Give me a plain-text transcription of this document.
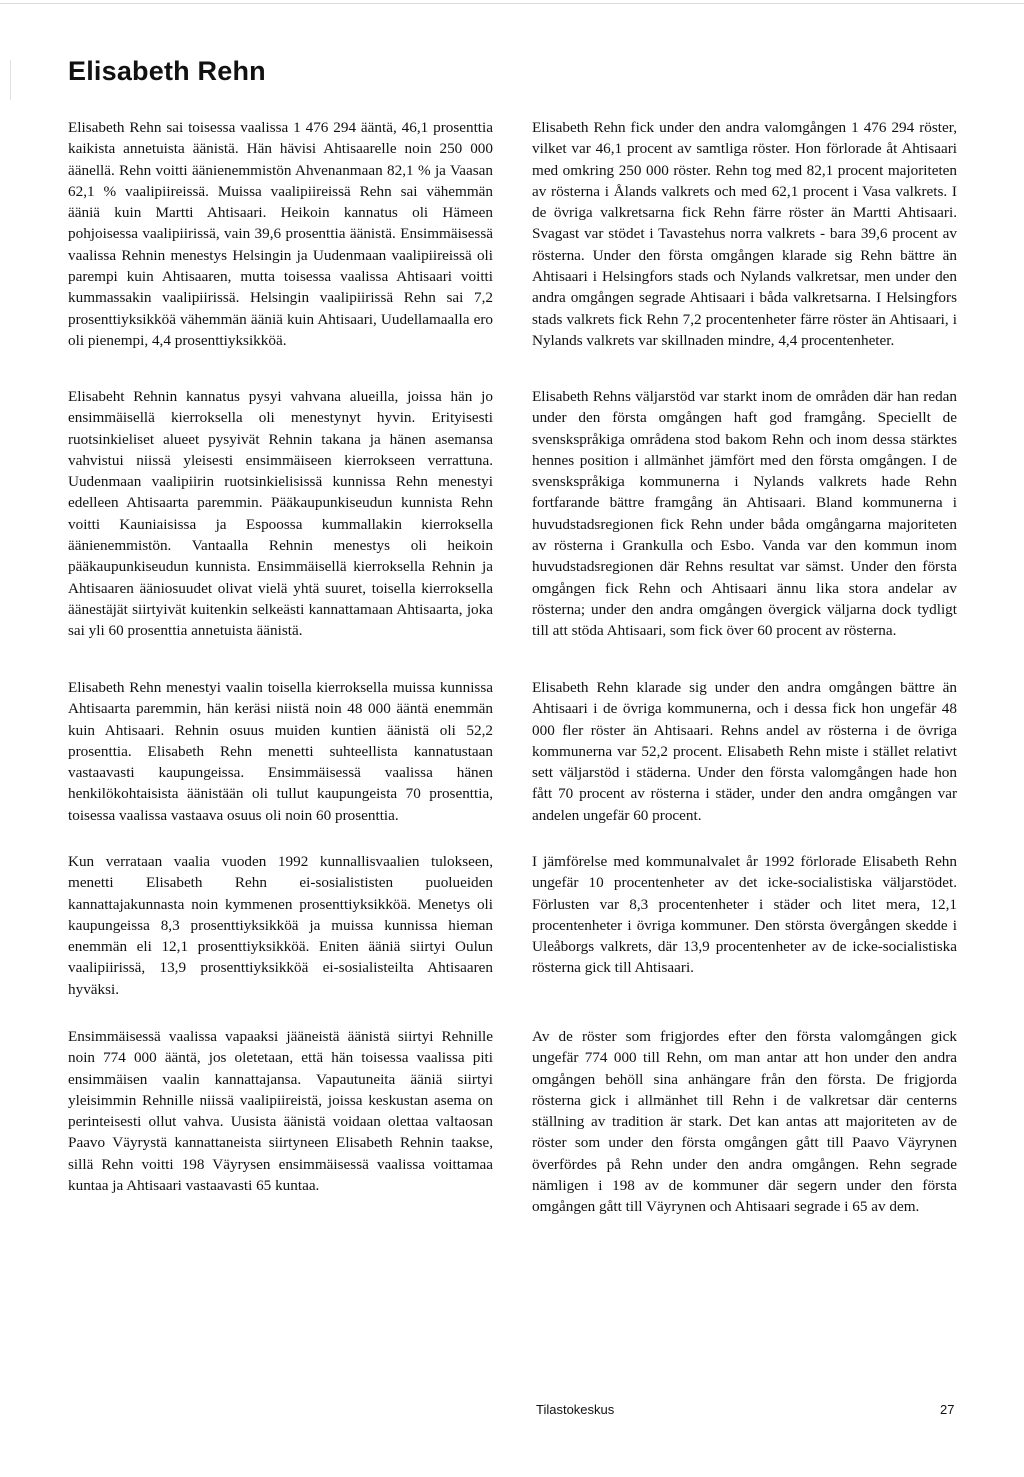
Elisabeth Rehn

Elisabeth Rehn sai toisessa vaalissa 1 476 294 ääntä, 46,1 prosenttia kaikista annetuista äänistä. Hän hävisi Ahtisaarelle noin 250 000 äänellä. Rehn voitti äänienemmistön Ahvenanmaan 82,1 % ja Vaasan 62,1 % vaalipiireissä. Muissa vaalipiireissä Rehn sai vähemmän ääniä kuin Martti Ahtisaari. Heikoin kannatus oli Hämeen pohjoisessa vaalipiirissä, vain 39,6 prosenttia äänistä. Ensimmäisessä vaalissa Rehnin menestys Helsingin ja Uudenmaan vaalipiireissä oli parempi kuin Ahtisaaren, mutta toisessa vaalissa Ahtisaari voitti kummassakin vaalipiirissä. Helsingin vaalipiirissä Rehn sai 7,2 prosenttiyksikköä vähemmän ääniä kuin Ahtisaari, Uudellamaalla ero oli pienempi, 4,4 prosenttiyksikköä.

Elisabeht Rehnin kannatus pysyi vahvana alueilla, joissa hän jo ensimmäisellä kierroksella oli menestynyt hyvin. Erityisesti ruotsinkieliset alueet pysyivät Rehnin takana ja hänen asemansa vahvistui niissä yleisesti ensimmäiseen kierrokseen verrattuna. Uudenmaan vaalipiirin ruotsinkielisissä kunnissa Rehn menestyi edelleen Ahtisaarta paremmin. Pääkaupunkiseudun kunnista Rehn voitti Kauniaisissa ja Espoossa kummallakin kierroksella äänienemmistön. Vantaalla Rehnin menestys oli heikoin pääkaupunkiseudun kunnista. Ensimmäisellä kierroksella Rehnin ja Ahtisaaren ääniosuudet olivat vielä yhtä suuret, toisella kierroksella äänestäjät siirtyivät kuitenkin selkeästi kannattamaan Ahtisaarta, joka sai yli 60 prosenttia annetuista äänistä.

Elisabeth Rehn menestyi vaalin toisella kierroksella muissa kunnissa Ahtisaarta paremmin, hän keräsi niistä noin 48 000 ääntä enemmän kuin Ahtisaari. Rehnin osuus muiden kuntien äänistä oli 52,2 prosenttia. Elisabeth Rehn menetti suhteellista kannatustaan vastaavasti kaupungeissa. Ensimmäisessä vaalissa hänen henkilökohtaisista äänistään oli tullut kaupungeista 70 prosenttia, toisessa vaalissa vastaava osuus oli noin 60 prosenttia.

Kun verrataan vaalia vuoden 1992 kunnallisvaalien tulokseen, menetti Elisabeth Rehn ei-sosialististen puolueiden kannattajakunnasta noin kymmenen prosenttiyksikköä. Menetys oli kaupungeissa 8,3 prosenttiyksikköä ja muissa kunnissa hieman enemmän eli 12,1 prosenttiyksikköä. Eniten ääniä siirtyi Oulun vaalipiirissä, 13,9 prosenttiyksikköä ei-sosialisteilta Ahtisaaren hyväksi.

Ensimmäisessä vaalissa vapaaksi jääneistä äänistä siirtyi Rehnille noin 774 000 ääntä, jos oletetaan, että hän toisessa vaalissa piti ensimmäisen vaalin kannattajansa. Vapautuneita ääniä siirtyi yleisimmin Rehnille niissä vaalipiireistä, joissa keskustan asema on perinteisesti ollut vahva. Uusista äänistä voidaan olettaa valtaosan Paavo Väyrystä kannattaneista siirtyneen Elisabeth Rehnin taakse, sillä Rehn voitti 198 Väyrysen ensimmäisessä vaalissa voittamaa kuntaa ja Ahtisaari vastaavasti 65 kuntaa.

Elisabeth Rehn fick under den andra valomgången 1 476 294 röster, vilket var 46,1 procent av samtliga röster. Hon förlorade åt Ahtisaari med omkring 250 000 röster. Rehn tog med 82,1 procent majoriteten av rösterna i Ålands valkrets och med 62,1 procent i Vasa valkrets. I de övriga valkretsarna fick Rehn färre röster än Martti Ahtisaari. Svagast var stödet i Tavastehus norra valkrets - bara 39,6 procent av rösterna. Under den första omgången klarade sig Rehn bättre än Ahtisaari i Helsingfors stads och Nylands valkretsar, men under den andra omgången segrade Ahtisaari i båda valkretsarna. I Helsingfors stads valkrets fick Rehn 7,2 procentenheter färre röster än Ahtisaari, i Nylands valkrets var skillnaden mindre, 4,4 procentenheter.

Elisabeth Rehns väljarstöd var starkt inom de områden där han redan under den första omgången haft god framgång. Speciellt de svenskspråkiga områdena stod bakom Rehn och inom dessa stärktes hennes position i allmänhet jämfört med den första omgången. I de svenskspråkiga kommunerna i Nylands valkrets hade Rehn fortfarande bättre framgång än Ahtisaari. Bland kommunerna i huvudstadsregionen fick Rehn under båda omgångarna majoriteten av rösterna i Grankulla och Esbo. Vanda var den kommun inom huvudstadsregionen där Rehns resultat var sämst. Under den första omgången fick Rehn och Ahtisaari ännu lika stora andelar av rösterna; under den andra omgången övergick väljarna dock tydligt till att stöda Ahtisaari, som fick över 60 procent av rösterna.

Elisabeth Rehn klarade sig under den andra omgången bättre än Ahtisaari i de övriga kommunerna, och i dessa fick hon ungefär 48 000 fler röster än Ahtisaari. Rehns andel av rösterna i de övriga kommunerna var 52,2 procent. Elisabeth Rehn miste i stället relativt sett väljarstöd i städerna. Under den första valomgången hade hon fått 70 procent av rösterna i städer, under den andra omgången var andelen ungefär 60 procent.

I jämförelse med kommunalvalet år 1992 förlorade Elisabeth Rehn ungefär 10 procentenheter av det icke-socialistiska väljarstödet. Förlusten var 8,3 procentenheter i städer och litet mera, 12,1 procentenheter i övriga kommuner. Den största övergången skedde i Uleåborgs valkrets, där 13,9 procentenheter av de icke-socialistiska rösterna gick till Ahtisaari.

Av de röster som frigjordes efter den första valomgången gick ungefär 774 000 till Rehn, om man antar att hon under den andra omgången behöll sina anhängare från den första. De frigjorda rösterna gick i allmänhet till Rehn i de valkretsar där centerns ställning av tradition är stark. Det kan antas att majoriteten av de röster som under den första omgången gått till Paavo Väyrynen överfördes på Rehn under den andra omgången. Rehn segrade nämligen i 198 av de kommuner där segern under den första omgången gått till Väyrynen och Ahtisaari segrade i 65 av dem.

Tilastokeskus	27
